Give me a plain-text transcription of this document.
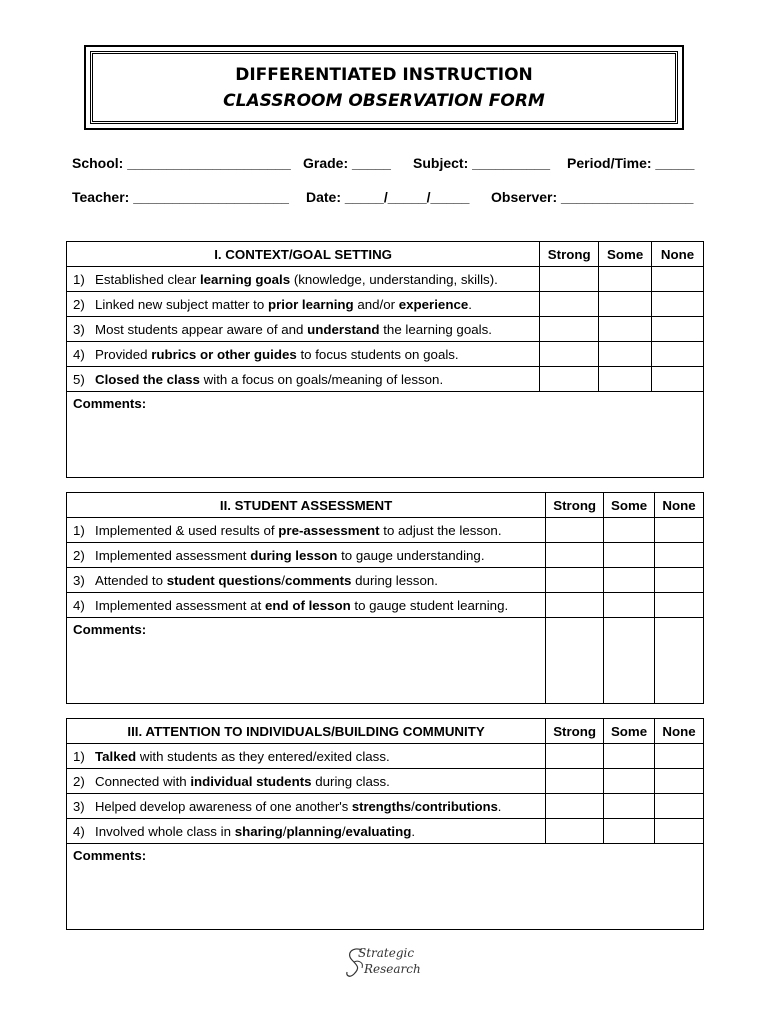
DIFFERENTIATED INSTRUCTION
CLASSROOM OBSERVATION FORM
School: _____________________ Grade: _____ Subject: __________ Period/Time: _____
Teacher: ____________________ Date: _____/_____/_____ Observer: _________________
I. CONTEXT/GOAL SETTING	Strong	Some	None
1) Established clear learning goals (knowledge, understanding, skills).			
2) Linked new subject matter to prior learning and/or experience.			
3) Most students appear aware of and understand the learning goals.			
4) Provided rubrics or other guides to focus students on goals.			
5) Closed the class with a focus on goals/meaning of lesson.			
Comments:			
II. STUDENT ASSESSMENT	Strong	Some	None
1) Implemented & used results of pre-assessment to adjust the lesson.			
2) Implemented assessment during lesson to gauge understanding.			
3) Attended to student questions/comments during lesson.			
4) Implemented assessment at end of lesson to gauge student learning.			
Comments:			
III. ATTENTION TO INDIVIDUALS/BUILDING COMMUNITY	Strong	Some	None
1) Talked with students as they entered/exited class.			
2) Connected with individual students during class.			
3) Helped develop awareness of one another's strengths/contributions.			
4) Involved whole class in sharing/planning/evaluating.			
Comments:			
Strategic
Research
